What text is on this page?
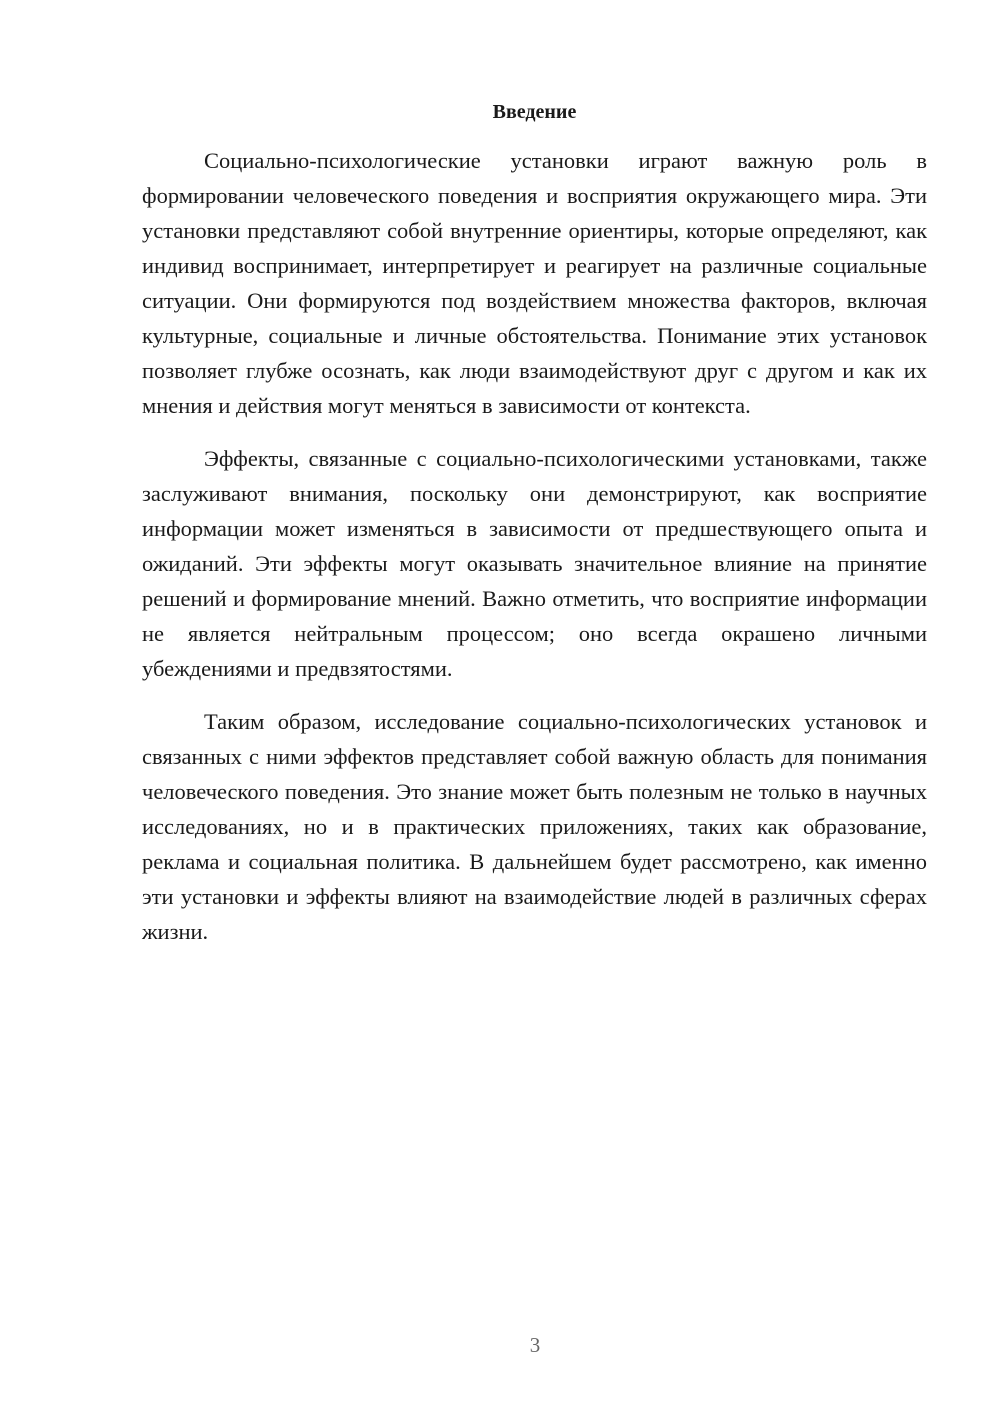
Введение

Социально-психологические установки играют важную роль в формировании человеческого поведения и восприятия окружающего мира. Эти установки представляют собой внутренние ориентиры, которые определяют, как индивид воспринимает, интерпретирует и реагирует на различные социальные ситуации. Они формируются под воздействием множества факторов, включая культурные, социальные и личные обстоятельства. Понимание этих установок позволяет глубже осознать, как люди взаимодействуют друг с другом и как их мнения и действия могут меняться в зависимости от контекста.

Эффекты, связанные с социально-психологическими установками, также заслуживают внимания, поскольку они демонстрируют, как восприятие информации может изменяться в зависимости от предшествующего опыта и ожиданий. Эти эффекты могут оказывать значительное влияние на принятие решений и формирование мнений. Важно отметить, что восприятие информации не является нейтральным процессом; оно всегда окрашено личными убеждениями и предвзятостями.

Таким образом, исследование социально-психологических установок и связанных с ними эффектов представляет собой важную область для понимания человеческого поведения. Это знание может быть полезным не только в научных исследованиях, но и в практических приложениях, таких как образование, реклама и социальная политика. В дальнейшем будет рассмотрено, как именно эти установки и эффекты влияют на взаимодействие людей в различных сферах жизни.

3
